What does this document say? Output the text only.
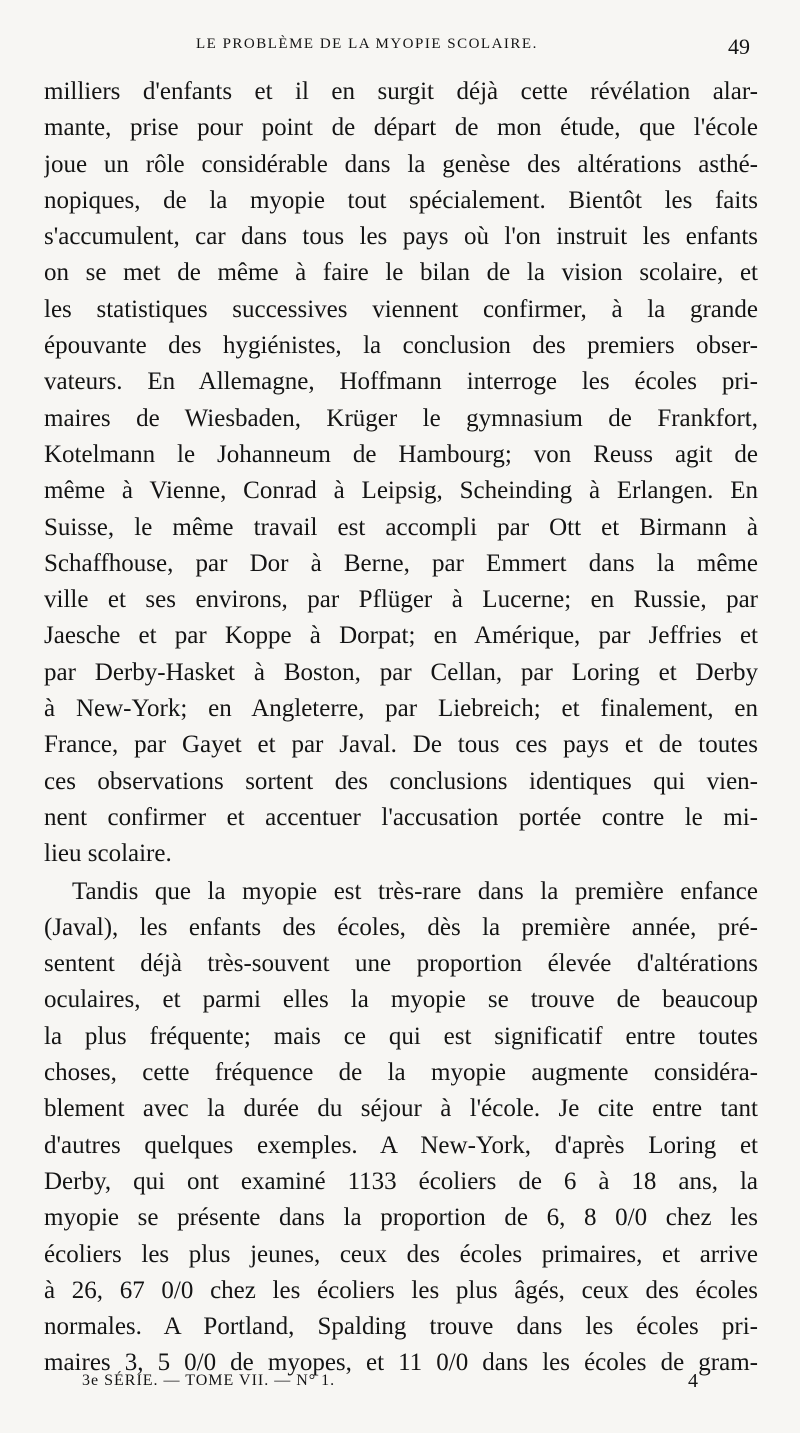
LE PROBLÈME DE LA MYOPIE SCOLAIRE.	49
milliers d'enfants et il en surgit déjà cette révélation alar-
mante, prise pour point de départ de mon étude, que l'école
joue un rôle considérable dans la genèse des altérations asthé-
nopiques, de la myopie tout spécialement. Bientôt les faits
s'accumulent, car dans tous les pays où l'on instruit les enfants
on se met de même à faire le bilan de la vision scolaire, et
les statistiques successives viennent confirmer, à la grande
épouvante des hygiénistes, la conclusion des premiers obser-
vateurs. En Allemagne, Hoffmann interroge les écoles pri-
maires de Wiesbaden, Krüger le gymnasium de Frankfort,
Kotelmann le Johanneum de Hambourg; von Reuss agit de
même à Vienne, Conrad à Leipsig, Scheinding à Erlangen. En
Suisse, le même travail est accompli par Ott et Birmann à
Schaffhouse, par Dor à Berne, par Emmert dans la même
ville et ses environs, par Pflüger à Lucerne; en Russie, par
Jaesche et par Koppe à Dorpat; en Amérique, par Jeffries et
par Derby-Hasket à Boston, par Cellan, par Loring et Derby
à New-York; en Angleterre, par Liebreich; et finalement, en
France, par Gayet et par Javal. De tous ces pays et de toutes
ces observations sortent des conclusions identiques qui vien-
nent confirmer et accentuer l'accusation portée contre le mi-
lieu scolaire.
Tandis que la myopie est très-rare dans la première enfance
(Javal), les enfants des écoles, dès la première année, pré-
sentent déjà très-souvent une proportion élevée d'altérations
oculaires, et parmi elles la myopie se trouve de beaucoup
la plus fréquente; mais ce qui est significatif entre toutes
choses, cette fréquence de la myopie augmente considéra-
blement avec la durée du séjour à l'école. Je cite entre tant
d'autres quelques exemples. A New-York, d'après Loring et
Derby, qui ont examiné 1133 écoliers de 6 à 18 ans, la
myopie se présente dans la proportion de 6, 8 0/0 chez les
écoliers les plus jeunes, ceux des écoles primaires, et arrive
à 26, 67 0/0 chez les écoliers les plus âgés, ceux des écoles
normales. A Portland, Spalding trouve dans les écoles pri-
maires 3, 5 0/0 de myopes, et 11 0/0 dans les écoles de gram-
3e SÉRIE. — TOME VII. — N° 1.	4
